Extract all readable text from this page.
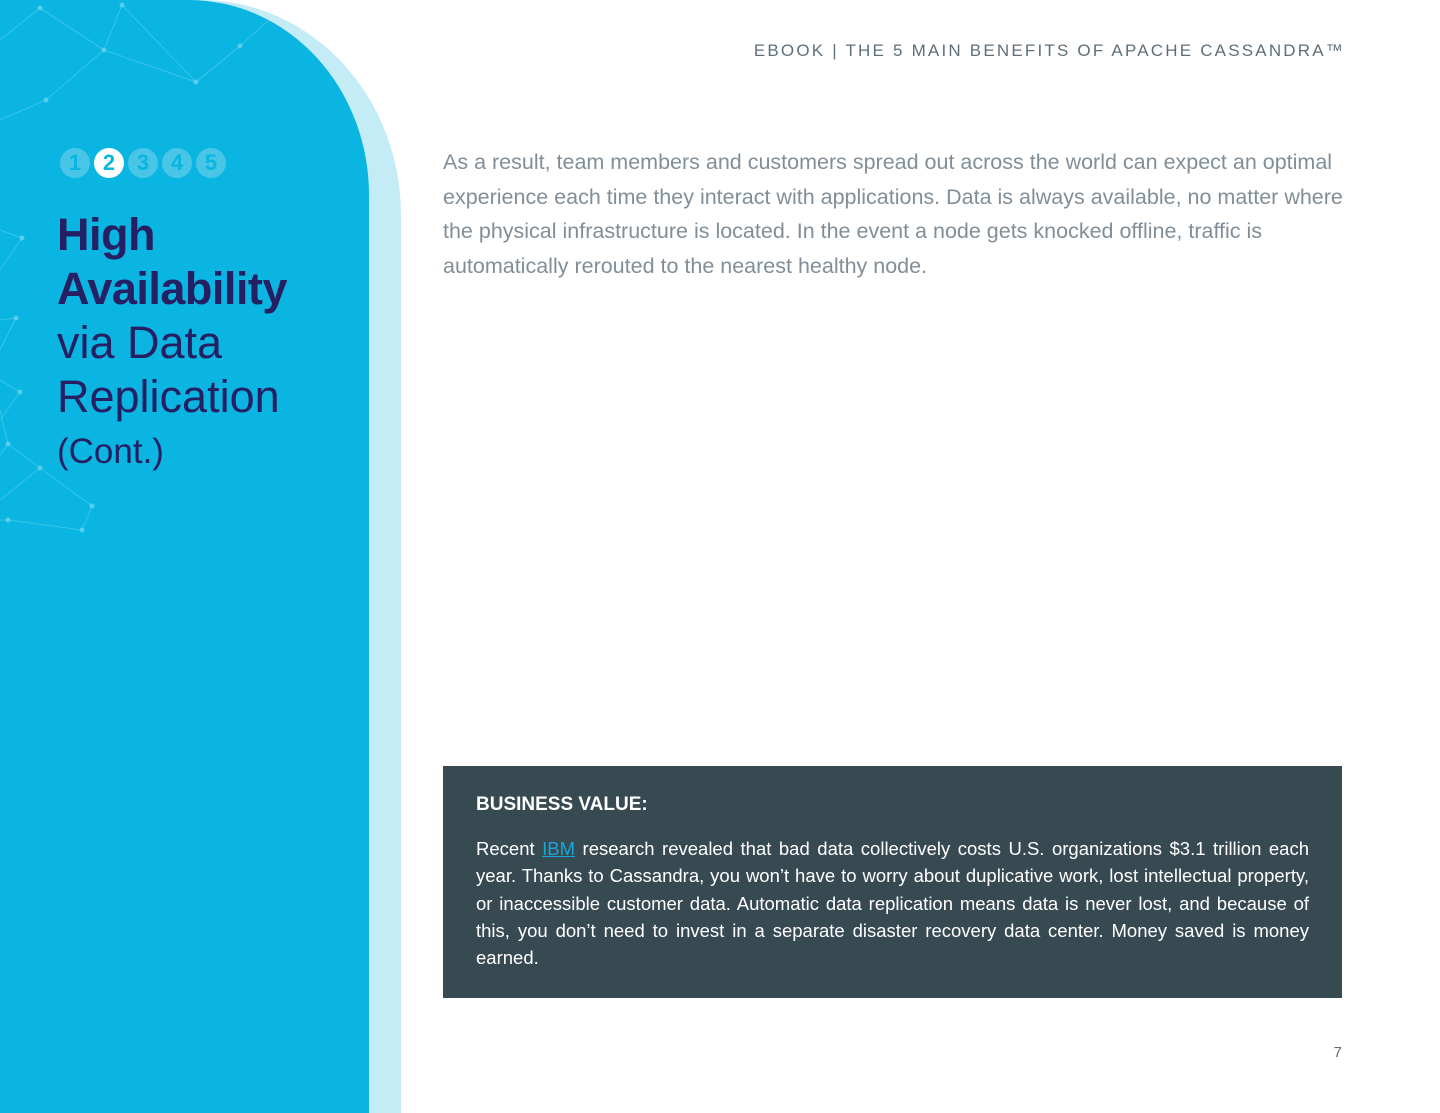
1 2 3 4 5
High
Availability
via Data
Replication
(Cont.)
EBOOK | THE 5 MAIN BENEFITS OF APACHE CASSANDRA™

As a result, team members and customers spread out across the world can expect an optimal experience each time they interact with applications. Data is always available, no matter where the physical infrastructure is located. In the event a node gets knocked offline, traffic is automatically rerouted to the nearest healthy node.

BUSINESS VALUE:

Recent IBM research revealed that bad data collectively costs U.S. organizations $3.1 trillion each year. Thanks to Cassandra, you won’t have to worry about duplicative work, lost intellectual property, or inaccessible customer data. Automatic data replication means data is never lost, and because of this, you don’t need to invest in a separate disaster recovery data center. Money saved is money earned.

7
